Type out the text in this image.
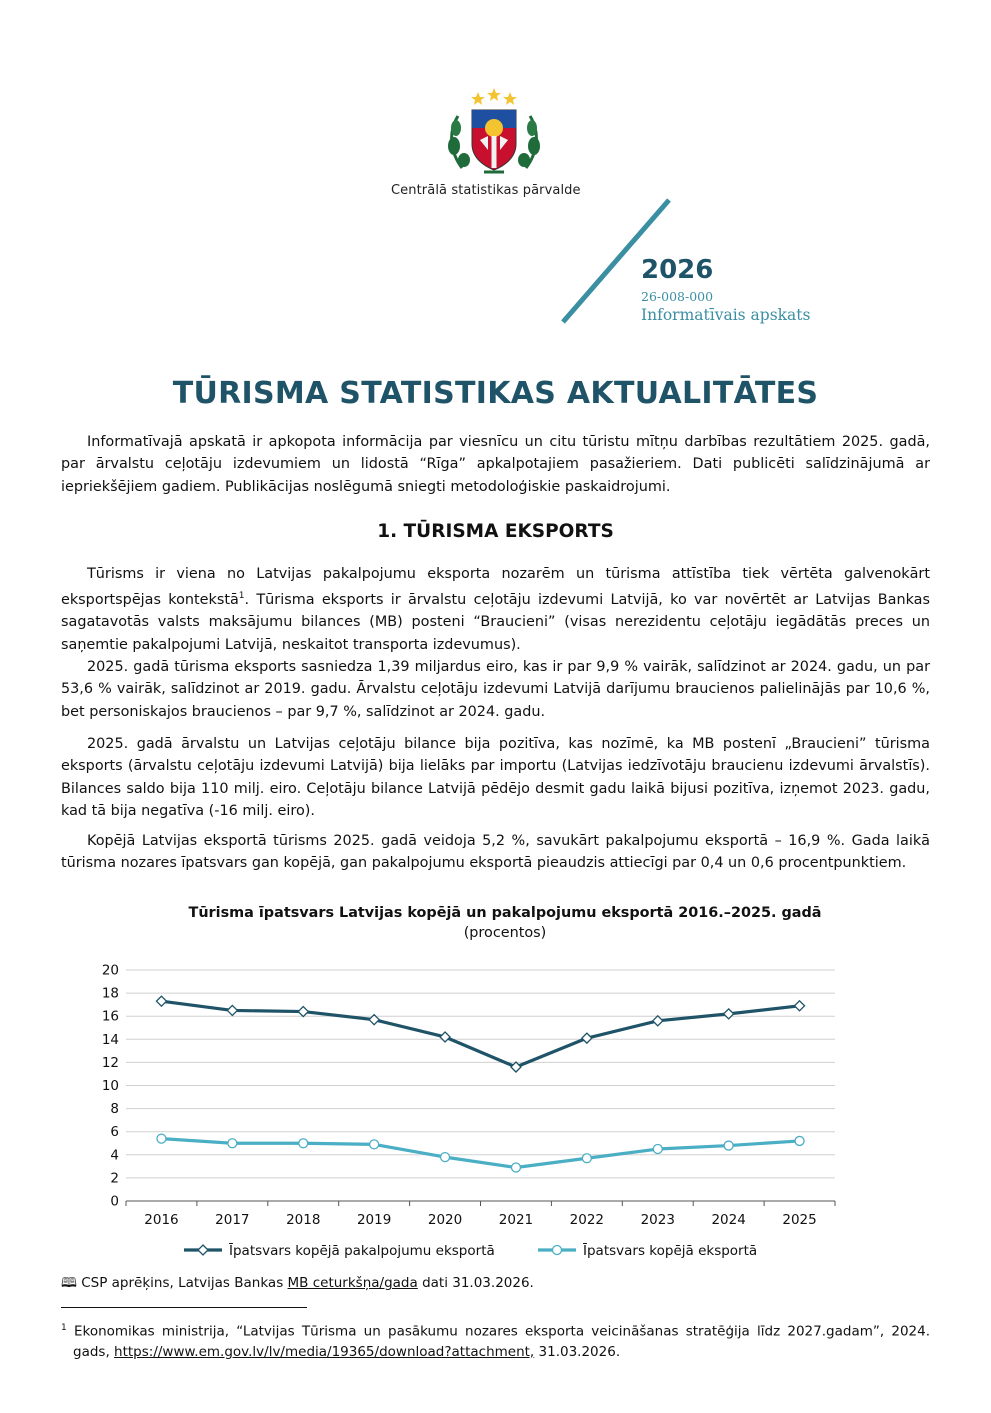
Centrālā statistikas pārvalde
2026
26-008-000
Informatīvais apskats
TŪRISMA STATISTIKAS AKTUALITĀTES
Informatīvajā apskatā ir apkopota informācija par viesnīcu un citu tūristu mītņu darbības rezultātiem 2025. gadā, par ārvalstu ceļotāju izdevumiem un lidostā “Rīga” apkalpotajiem pasažieriem. Dati publicēti salīdzinājumā ar iepriekšējiem gadiem. Publikācijas noslēgumā sniegti metodoloģiskie paskaidrojumi.
1. TŪRISMA EKSPORTS
Tūrisms ir viena no Latvijas pakalpojumu eksporta nozarēm un tūrisma attīstība tiek vērtēta galvenokārt eksportspējas kontekstā$^1$. Tūrisma eksports ir ārvalstu ceļotāju izdevumi Latvijā, ko var novērtēt ar Latvijas Bankas sagatavotās valsts maksājumu bilances (MB) posteni “Braucieni” (visas nerezidentu ceļotāju iegādātās preces un saņemtie pakalpojumi Latvijā, neskaitot transporta izdevumus).
2025. gadā tūrisma eksports sasniedza 1,39 miljardus eiro, kas ir par 9,9 % vairāk, salīdzinot ar 2024. gadu, un par 53,6 % vairāk, salīdzinot ar 2019. gadu. Ārvalstu ceļotāju izdevumi Latvijā darījumu braucienos palielinājās par 10,6 %, bet personiskajos braucienos – par 9,7 %, salīdzinot ar 2024. gadu.
2025. gadā ārvalstu un Latvijas ceļotāju bilance bija pozitīva, kas nozīmē, ka MB postenī „Braucieni” tūrisma eksports (ārvalstu ceļotāju izdevumi Latvijā) bija lielāks par importu (Latvijas iedzīvotāju braucienu izdevumi ārvalstīs). Bilances saldo bija 110 milj. eiro. Ceļotāju bilance Latvijā pēdējo desmit gadu laikā bijusi pozitīva, izņemot 2023. gadu, kad tā bija negatīva (-16 milj. eiro).
Kopējā Latvijas eksportā tūrisms 2025. gadā veidoja 5,2 %, savukārt pakalpojumu eksportā – 16,9 %. Gada laikā tūrisma nozares īpatsvars gan kopējā, gan pakalpojumu eksportā pieaudzis attiecīgi par 0,4 un 0,6 procentpunktiem.
Tūrisma īpatsvars Latvijas kopējā un pakalpojumu eksportā 2016.–2025. gadā
(procentos)
0
2
4
6
8
10
12
14
16
18
20
2016	2017	2018	2019	2020	2021	2022	2023	2024	2025
Īpatsvars kopējā pakalpojumu eksportā	Īpatsvars kopējā eksportā
🕮 CSP aprēķins, Latvijas Bankas MB ceturkšņa/gada dati 31.03.2026.
$^1$ Ekonomikas ministrija, “Latvijas Tūrisma un pasākumu nozares eksporta veicināšanas stratēģija līdz 2027.gadam”, 2024. gads, https://www.em.gov.lv/lv/media/19365/download?attachment, 31.03.2026.
